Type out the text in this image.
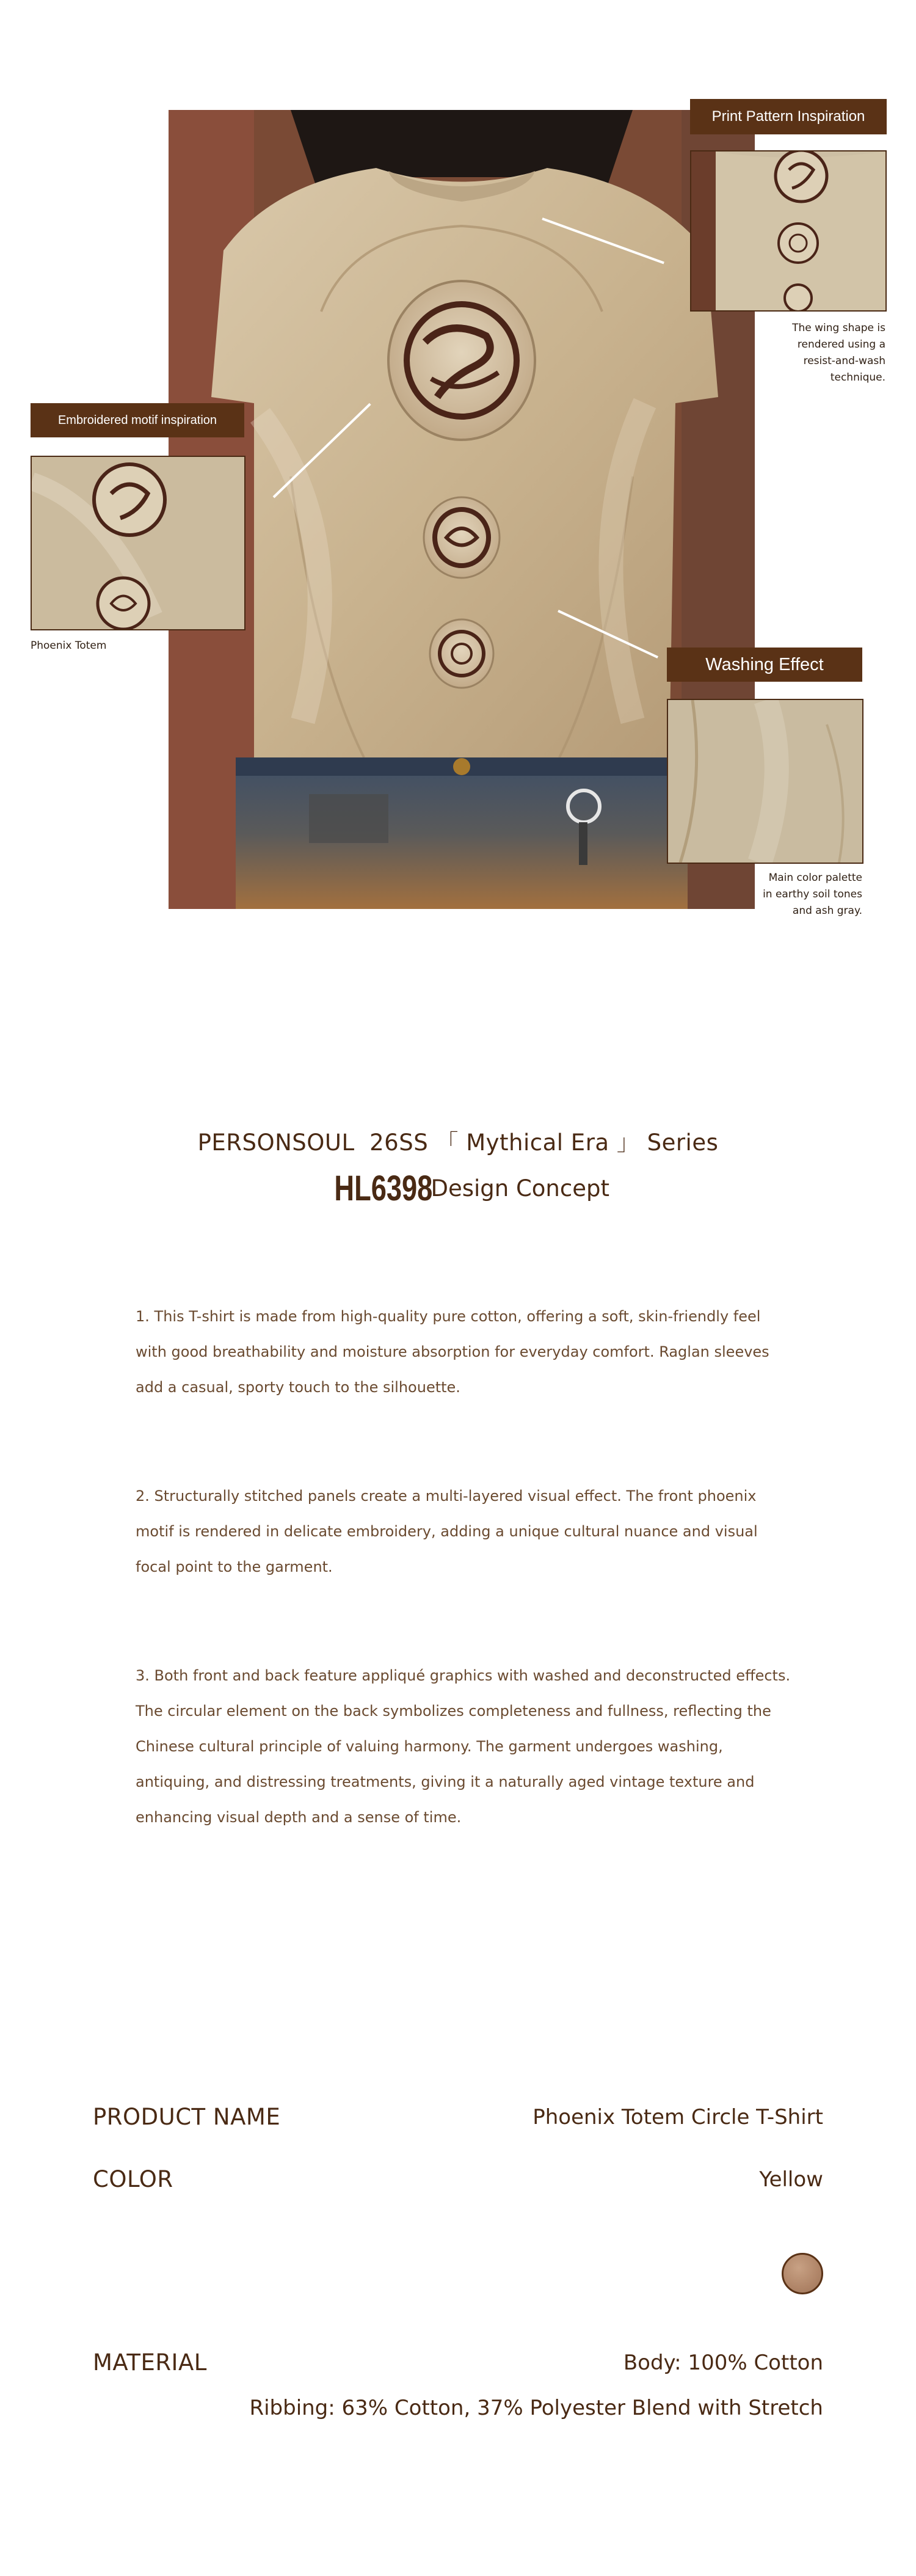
Print Pattern Inspiration
The wing shape is
rendered using a
resist-and-wash
technique.
Embroidered motif inspiration
Phoenix Totem
Washing Effect
Main color palette
in earthy soil tones
and ash gray.
PERSONSOUL  26SS 「 Mythical Era 」 Series
HL6398 Design Concept
1. This T-shirt is made from high-quality pure cotton, offering a soft, skin-friendly feel with good breathability and moisture absorption for everyday comfort. Raglan sleeves add a casual, sporty touch to the silhouette.
2. Structurally stitched panels create a multi-layered visual effect. The front phoenix motif is rendered in delicate embroidery, adding a unique cultural nuance and visual focal point to the garment.
3. Both front and back feature appliqué graphics with washed and deconstructed effects. The circular element on the back symbolizes completeness and fullness, reflecting the Chinese cultural principle of valuing harmony. The garment undergoes washing, antiquing, and distressing treatments, giving it a naturally aged vintage texture and enhancing visual depth and a sense of time.
PRODUCT NAME	Phoenix Totem Circle T-Shirt
COLOR	Yellow
MATERIAL	Body: 100% Cotton
Ribbing: 63% Cotton, 37% Polyester Blend with Stretch
